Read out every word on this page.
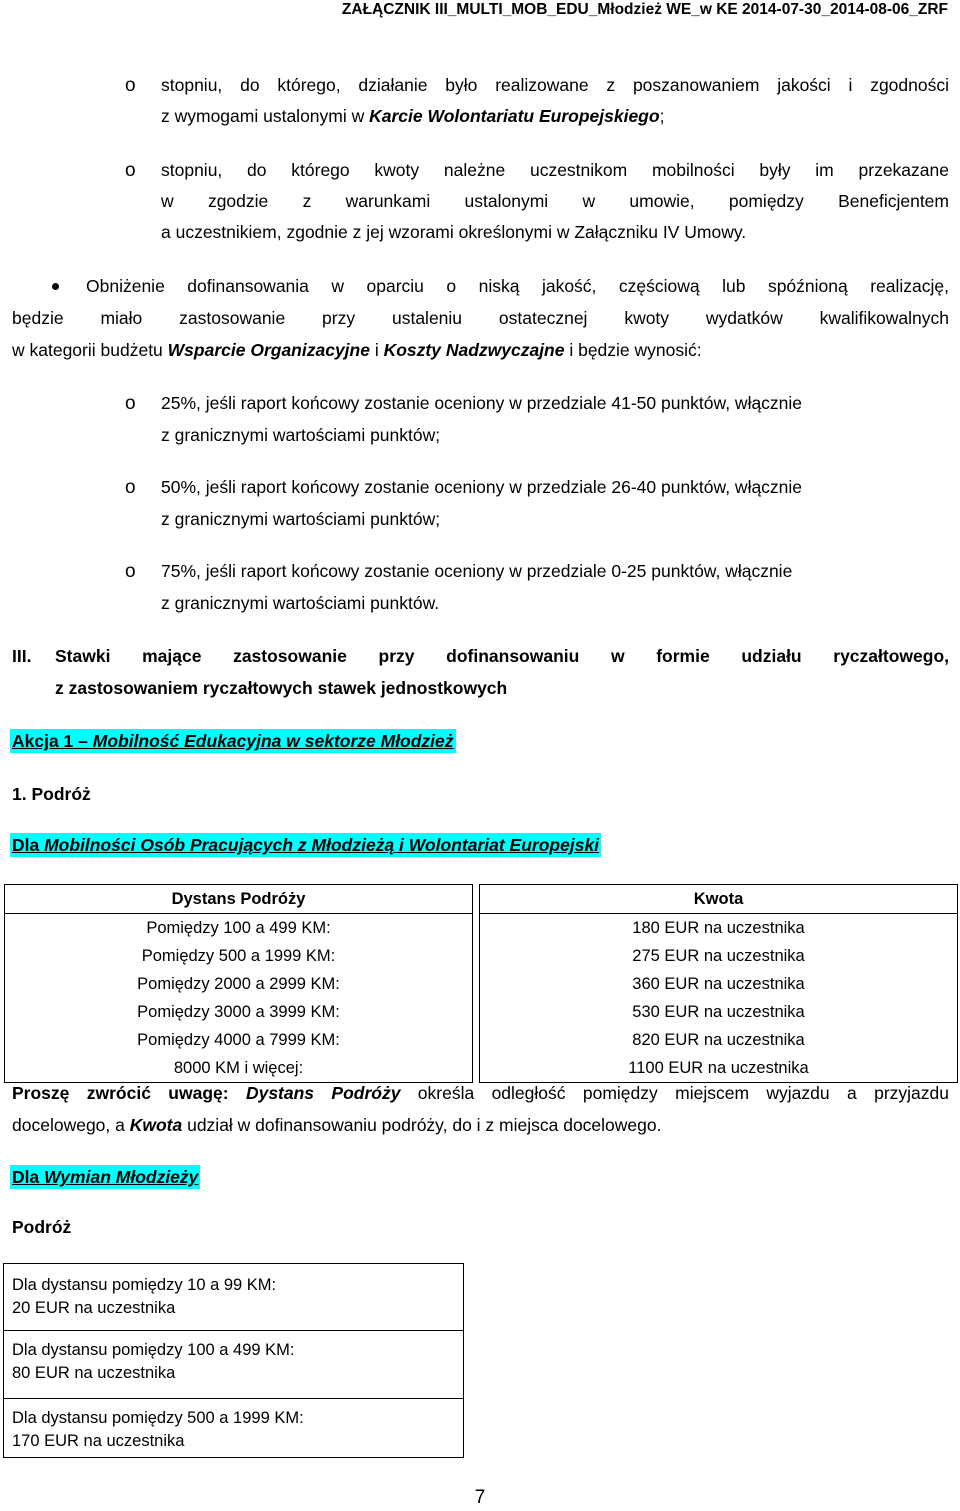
ZAŁĄCZNIK III_MULTI_MOB_EDU_Młodzież WE_w KE 2014-07-30_2014-08-06_ZRF
o stopniu, do którego, działanie było realizowane z poszanowaniem jakości i zgodności
z wymogami ustalonymi w Karcie Wolontariatu Europejskiego;
o stopniu, do którego kwoty należne uczestnikom mobilności były im przekazane
w zgodzie z warunkami ustalonymi w umowie, pomiędzy Beneficjentem
a uczestnikiem, zgodnie z jej wzorami określonymi w Załączniku IV Umowy.
Obniżenie dofinansowania w oparciu o niską jakość, częściową lub spóźnioną realizację,
będzie miało zastosowanie przy ustaleniu ostatecznej kwoty wydatków kwalifikowalnych
w kategorii budżetu Wsparcie Organizacyjne i Koszty Nadzwyczajne i będzie wynosić:
o 25%, jeśli raport końcowy zostanie oceniony w przedziale 41-50 punktów, włącznie
z granicznymi wartościami punktów;
o 50%, jeśli raport końcowy zostanie oceniony w przedziale 26-40 punktów, włącznie
z granicznymi wartościami punktów;
o 75%, jeśli raport końcowy zostanie oceniony w przedziale 0-25 punktów, włącznie
z granicznymi wartościami punktów.
III. Stawki mające zastosowanie przy dofinansowaniu w formie udziału ryczałtowego,
z zastosowaniem ryczałtowych stawek jednostkowych
Akcja 1 – Mobilność Edukacyjna w sektorze Młodzież
1. Podróż
Dla Mobilności Osób Pracujących z Młodzieżą i Wolontariat Europejski
Dystans Podróży		Kwota
Pomiędzy 100 a 499 KM:		180 EUR na uczestnika
Pomiędzy 500 a 1999 KM:		275 EUR na uczestnika
Pomiędzy 2000 a 2999 KM:		360 EUR na uczestnika
Pomiędzy 3000 a 3999 KM:		530 EUR na uczestnika
Pomiędzy 4000 a 7999 KM:		820 EUR na uczestnika
8000 KM i więcej:		1100 EUR na uczestnika
Proszę zwrócić uwagę: Dystans Podróży określa odległość pomiędzy miejscem wyjazdu a przyjazdu
docelowego, a Kwota udział w dofinansowaniu podróży, do i z miejsca docelowego.
Dla Wymian Młodzieży
Podróż
Dla dystansu pomiędzy 10 a 99 KM:
20 EUR na uczestnika
Dla dystansu pomiędzy 100 a 499 KM:
80 EUR na uczestnika
Dla dystansu pomiędzy 500 a 1999 KM:
170 EUR na uczestnika
7
